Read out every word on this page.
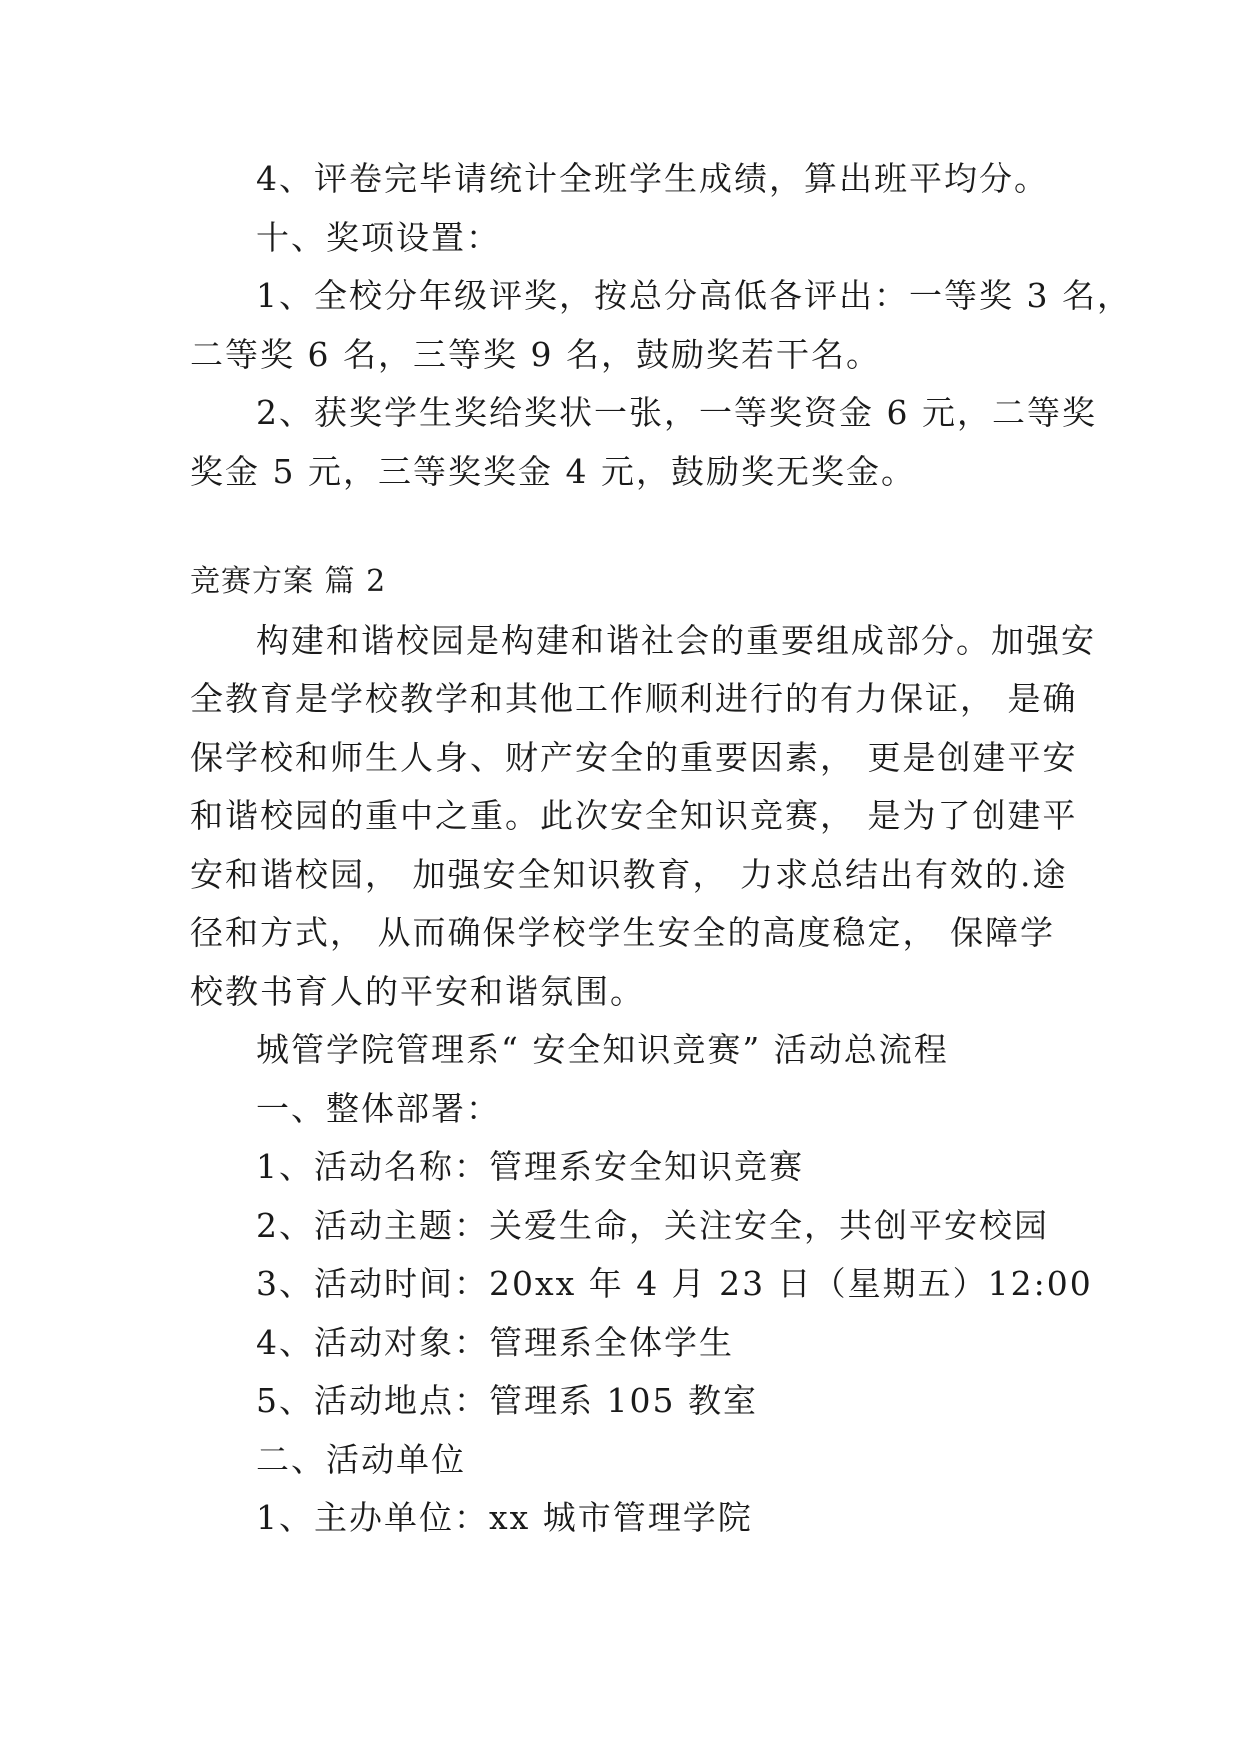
4、评卷完毕请统计全班学生成绩，算出班平均分。

十、奖项设置：

1、全校分年级评奖，按总分高低各评出：一等奖 3 名，

二等奖 6 名，三等奖 9 名，鼓励奖若干名。

2、获奖学生奖给奖状一张，一等奖资金 6 元，二等奖

奖金 5 元，三等奖奖金 4 元，鼓励奖无奖金。

竞赛方案 篇 2

构建和谐校园是构建和谐社会的重要组成部分。加强安

全教育是学校教学和其他工作顺利进行的有力保证， 是确

保学校和师生人身、财产安全的重要因素， 更是创建平安

和谐校园的重中之重。此次安全知识竞赛， 是为了创建平

安和谐校园， 加强安全知识教育， 力求总结出有效的.途

径和方式， 从而确保学校学生安全的高度稳定， 保障学

校教书育人的平安和谐氛围。

城管学院管理系“ 安全知识竞赛” 活动总流程

一、整体部署：

1、活动名称：管理系安全知识竞赛

2、活动主题：关爱生命，关注安全，共创平安校园

3、活动时间：20xx 年 4 月 23 日（星期五）12:00

4、活动对象：管理系全体学生

5、活动地点：管理系 105 教室

二、活动单位

1、主办单位：xx 城市管理学院
